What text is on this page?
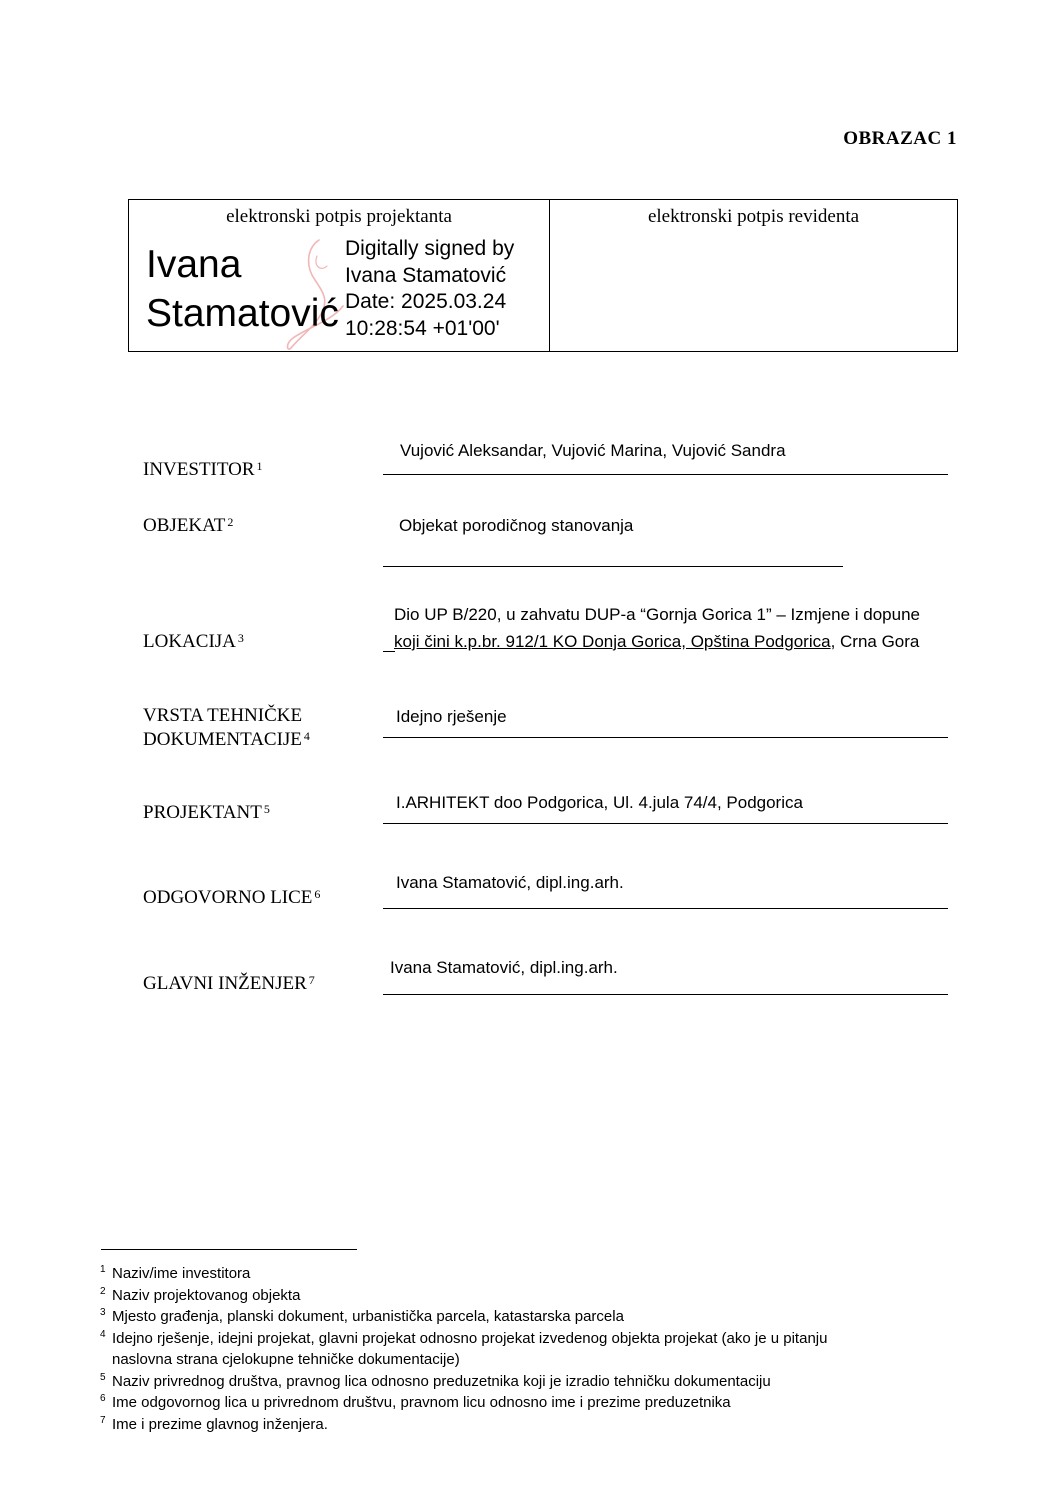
OBRAZAC 1
elektronski potpis projektanta
Ivana
Stamatović
Digitally signed by
Ivana Stamatović
Date: 2025.03.24
10:28:54 +01'00'
elektronski potpis revidenta
INVESTITOR $^1$
Vujović Aleksandar, Vujović Marina, Vujović Sandra
OBJEKAT $^2$	Objekat porodičnog stanovanja
LOKACIJA $^3$
Dio UP B/220, u zahvatu DUP-a “Gornja Gorica 1” – Izmjene i dopune
koji čini k.p.br. 912/1 KO Donja Gorica, Opština Podgorica, Crna Gora
VRSTA TEHNIČKE
DOKUMENTACIJE $^4$
Idejno rješenje
PROJEKTANT $^5$	I.ARHITEKT doo Podgorica, Ul. 4.jula 74/4, Podgorica
ODGOVORNO LICE $^6$
Ivana Stamatović, dipl.ing.arh.
GLAVNI INŽENJER $^7$
Ivana Stamatović, dipl.ing.arh.
1 Naziv/ime investitora
2 Naziv projektovanog objekta
3 Mjesto građenja, planski dokument, urbanistička parcela, katastarska parcela
4 Idejno rješenje, idejni projekat, glavni projekat odnosno projekat izvedenog objekta projekat (ako je u pitanju
naslovna strana cjelokupne tehničke dokumentacije)
5 Naziv privrednog društva, pravnog lica odnosno preduzetnika koji je izradio tehničku dokumentaciju
6 Ime odgovornog lica u privrednom društvu, pravnom licu odnosno ime i prezime preduzetnika
7 Ime i prezime glavnog inženjera.
